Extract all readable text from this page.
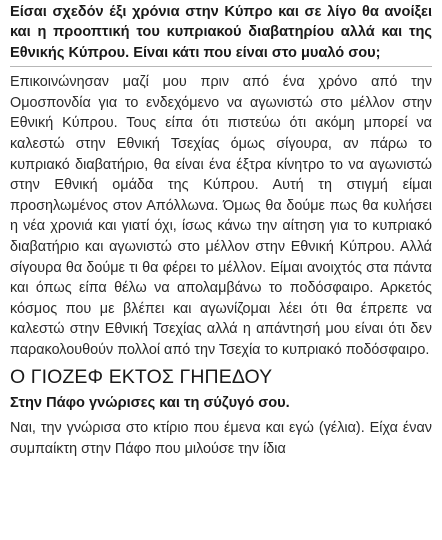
Είσαι σχεδόν έξι χρόνια στην Κύπρο και σε λίγο θα ανοίξει και η προοπτική του κυπριακού διαβατηρίου αλλά και της Εθνικής Κύπρου. Είναι κάτι που είναι στο μυαλό σου;

Επικοινώνησαν μαζί μου πριν από ένα χρόνο από την Ομοσπονδία για το ενδεχόμενο να αγωνιστώ στο μέλλον στην Εθνική Κύπρου. Τους είπα ότι πιστεύω ότι ακόμη μπορεί να καλεστώ στην Εθνική Τσεχίας όμως σίγουρα, αν πάρω το κυπριακό διαβατήριο, θα είναι ένα έξτρα κίνητρο το να αγωνιστώ στην Εθνική ομάδα της Κύπρου. Αυτή τη στιγμή είμαι προσηλωμένος στον Απόλλωνα. Όμως θα δούμε πως θα κυλήσει η νέα χρονιά και γιατί όχι, ίσως κάνω την αίτηση για το κυπριακό διαβατήριο και αγωνιστώ στο μέλλον στην Εθνική Κύπρου. Αλλά σίγουρα θα δούμε τι θα φέρει το μέλλον. Είμαι ανοιχτός στα πάντα και όπως είπα θέλω να απολαμβάνω το ποδόσφαιρο. Αρκετός κόσμος που με βλέπει και αγωνίζομαι λέει ότι θα έπρεπε να καλεστώ στην Εθνική Τσεχίας αλλά η απάντησή μου είναι ότι δεν παρακολουθούν πολλοί από την Τσεχία το κυπριακό ποδόσφαιρο.

Ο ΓΙΟΖΕΦ ΕΚΤΟΣ ΓΗΠΕΔΟΥ

Στην Πάφο γνώρισες και τη σύζυγό σου.

Ναι, την γνώρισα στο κτίριο που έμενα και εγώ (γέλια). Είχα έναν συμπαίκτη στην Πάφο που μιλούσε την ίδια
